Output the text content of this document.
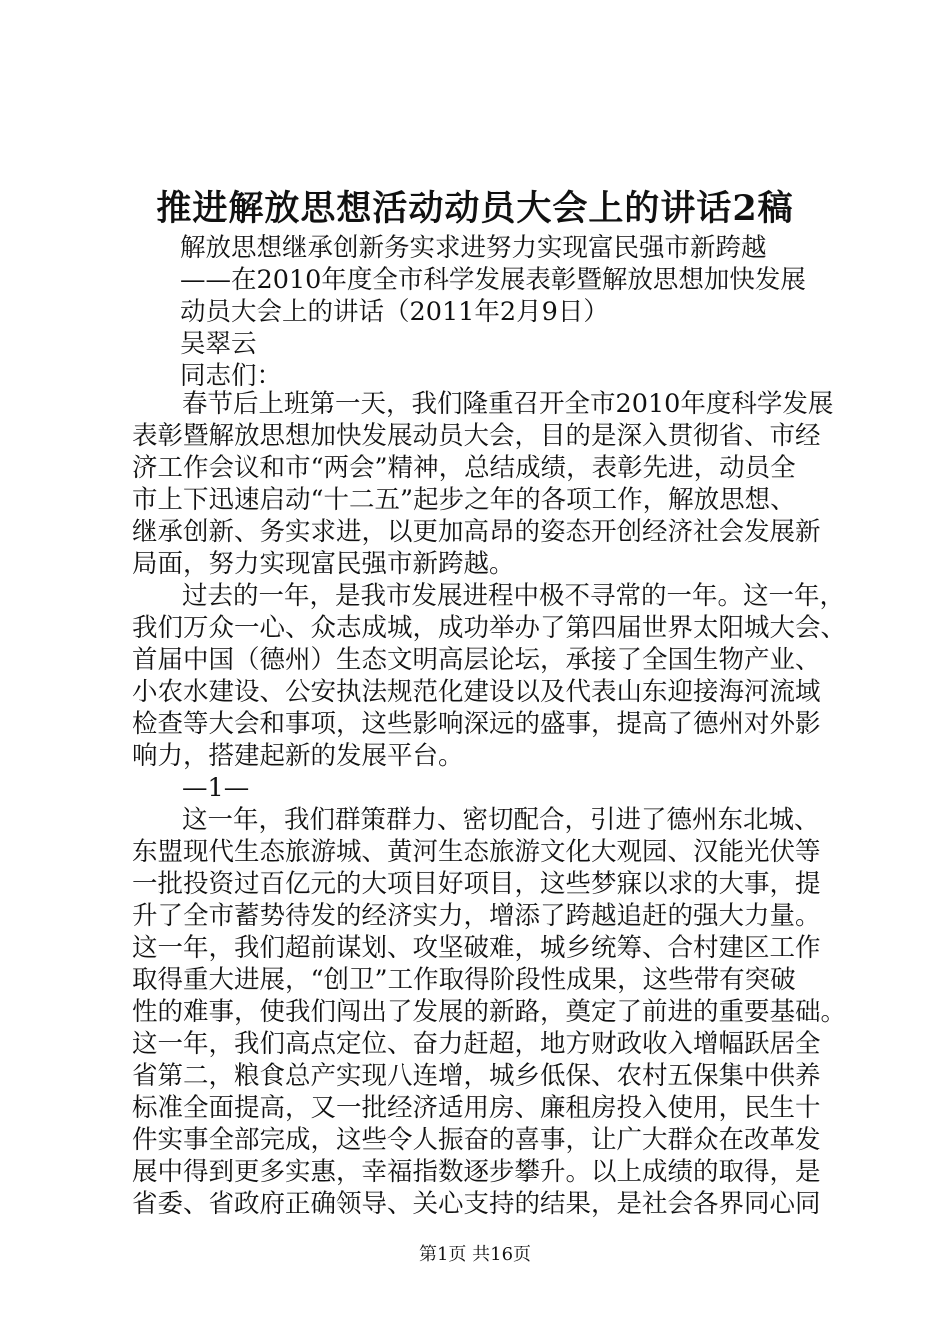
推进解放思想活动动员大会上的讲话2稿
解放思想继承创新务实求进努力实现富民强市新跨越
——在2010年度全市科学发展表彰暨解放思想加快发展
动员大会上的讲话（2011年2月9日）
吴翠云
同志们：
春节后上班第一天，我们隆重召开全市2010年度科学发展
表彰暨解放思想加快发展动员大会，目的是深入贯彻省、市经
济工作会议和市“两会”精神，总结成绩，表彰先进，动员全
市上下迅速启动“十二五”起步之年的各项工作，解放思想、
继承创新、务实求进，以更加高昂的姿态开创经济社会发展新
局面，努力实现富民强市新跨越。
过去的一年，是我市发展进程中极不寻常的一年。这一年，
我们万众一心、众志成城，成功举办了第四届世界太阳城大会、
首届中国（德州）生态文明高层论坛，承接了全国生物产业、
小农水建设、公安执法规范化建设以及代表山东迎接海河流域
检查等大会和事项，这些影响深远的盛事，提高了德州对外影
响力，搭建起新的发展平台。
—1—
这一年，我们群策群力、密切配合，引进了德州东北城、
东盟现代生态旅游城、黄河生态旅游文化大观园、汉能光伏等
一批投资过百亿元的大项目好项目，这些梦寐以求的大事，提
升了全市蓄势待发的经济实力，增添了跨越追赶的强大力量。
这一年，我们超前谋划、攻坚破难，城乡统筹、合村建区工作
取得重大进展，“创卫”工作取得阶段性成果，这些带有突破
性的难事，使我们闯出了发展的新路，奠定了前进的重要基础。
这一年，我们高点定位、奋力赶超，地方财政收入增幅跃居全
省第二，粮食总产实现八连增，城乡低保、农村五保集中供养
标准全面提高，又一批经济适用房、廉租房投入使用，民生十
件实事全部完成，这些令人振奋的喜事，让广大群众在改革发
展中得到更多实惠，幸福指数逐步攀升。以上成绩的取得，是
省委、省政府正确领导、关心支持的结果，是社会各界同心同
第1页 共16页
